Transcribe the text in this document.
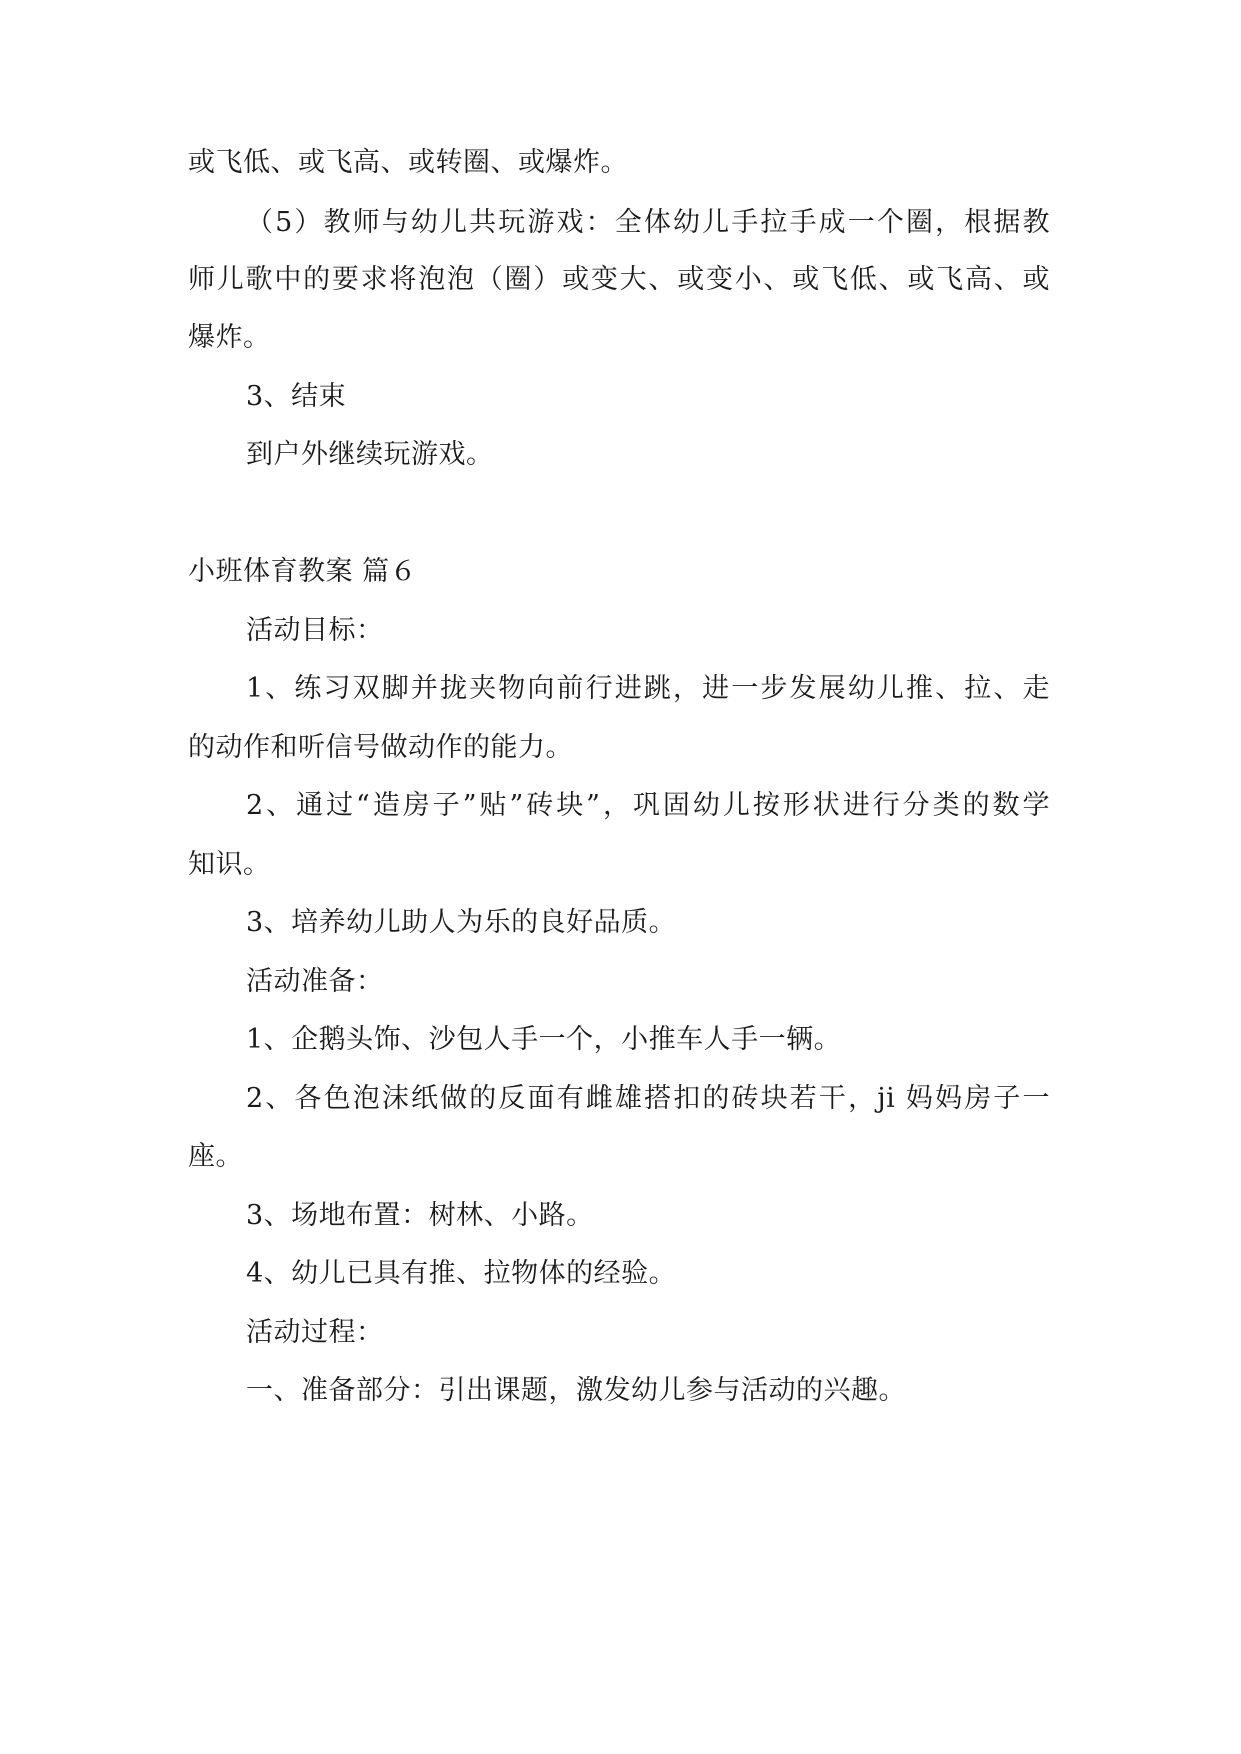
或飞低、或飞高、或转圈、或爆炸。
（5）教师与幼儿共玩游戏：全体幼儿手拉手成一个圈，根据教
师儿歌中的要求将泡泡（圈）或变大、或变小、或飞低、或飞高、或
爆炸。
3、结束
到户外继续玩游戏。
小班体育教案 篇６
活动目标：
1、练习双脚并拢夹物向前行进跳，进一步发展幼儿推、拉、走
的动作和听信号做动作的能力。
2、通过“造房子”贴”砖块”，巩固幼儿按形状进行分类的数学
知识。
3、培养幼儿助人为乐的良好品质。
活动准备：
1、企鹅头饰、沙包人手一个，小推车人手一辆。
2、各色泡沫纸做的反面有雌雄搭扣的砖块若干，ji 妈妈房子一
座。
3、场地布置：树林、小路。
4、幼儿已具有推、拉物体的经验。
活动过程：
一、准备部分：引出课题，激发幼儿参与活动的兴趣。
